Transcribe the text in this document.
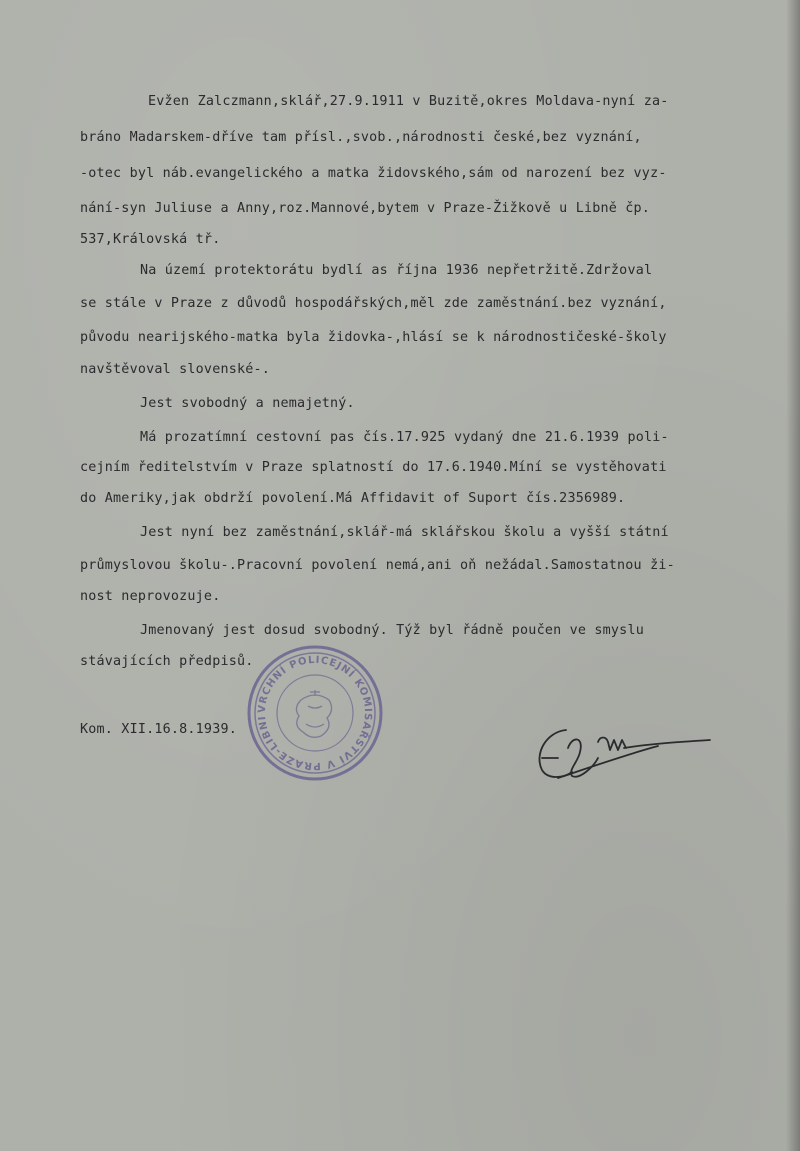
Evžen Zalczmann,sklář,27.9.1911 v Buzitě,okres Moldava-nyní za-

bráno Madarskem-dříve tam přísl.,svob.,národnosti české,bez vyznání,

-otec byl náb.evangelického a matka židovského,sám od narození bez vyz-

nání-syn Juliuse a Anny,roz.Mannové,bytem v Praze-Žižkově u Libně čp.

537,Královská tř.

Na území protektorátu bydlí as října 1936 nepřetržitě.Zdržoval

se stále v Praze z důvodů hospodářských,měl zde zaměstnání.bez vyznání,

původu nearijského-matka byla židovka-,hlásí se k národnostičeské-školy

navštěvoval slovenské-.

Jest svobodný a nemajetný.

Má prozatímní cestovní pas čís.17.925 vydaný dne 21.6.1939 poli-

cejním ředitelstvím v Praze splatností do 17.6.1940.Míní se vystěhovati

do Ameriky,jak obdrží povolení.Má Affidavit of Suport čís.2356989.

Jest nyní bez zaměstnání,sklář-má sklářskou školu a vyšší státní

průmyslovou školu-.Pracovní povolení nemá,ani oň nežádal.Samostatnou ži-

nost neprovozuje.

Jmenovaný jest dosud svobodný. Týž byl řádně poučen ve smyslu

stávajících předpisů.

Kom. XII.16.8.1939.

VRCHNÍ POLICEJNÍ KOMISAŘSTVÍ V PRAZE-LIBNI
